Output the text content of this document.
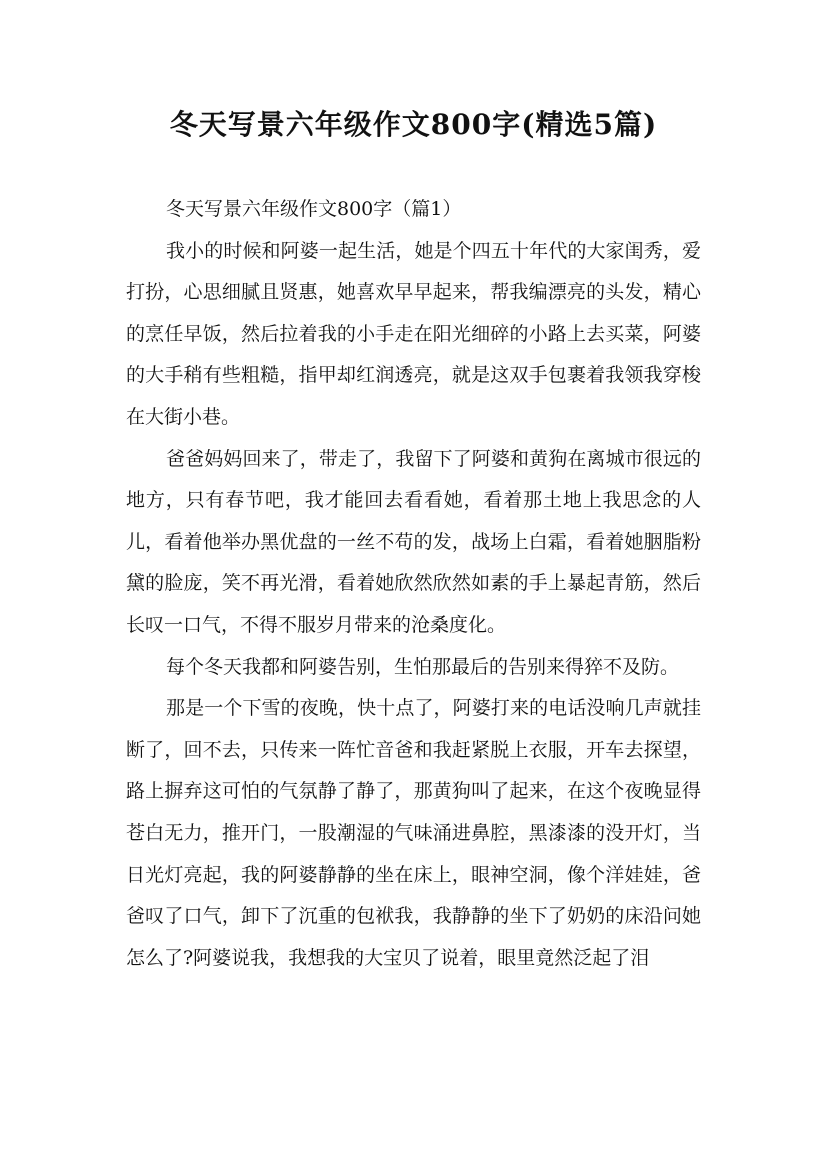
冬天写景六年级作文800字(精选5篇)
冬天写景六年级作文800字（篇1）

我小的时候和阿婆一起生活，她是个四五十年代的大家闺秀，爱打扮，心思细腻且贤惠，她喜欢早早起来，帮我编漂亮的头发，精心的烹任早饭，然后拉着我的小手走在阳光细碎的小路上去买菜，阿婆的大手稍有些粗糙，指甲却红润透亮，就是这双手包裹着我领我穿梭在大街小巷。

爸爸妈妈回来了，带走了，我留下了阿婆和黄狗在离城市很远的地方，只有春节吧，我才能回去看看她，看着那土地上我思念的人儿，看着他举办黑优盘的一丝不苟的发，战场上白霜，看着她胭脂粉黛的脸庞，笑不再光滑，看着她欣然欣然如素的手上暴起青筋，然后长叹一口气，不得不服岁月带来的沧桑度化。

每个冬天我都和阿婆告别，生怕那最后的告别来得猝不及防。

那是一个下雪的夜晚，快十点了，阿婆打来的电话没响几声就挂断了，回不去，只传来一阵忙音爸和我赶紧脱上衣服，开车去探望，路上摒弃这可怕的气氛静了静了，那黄狗叫了起来，在这个夜晚显得苍白无力，推开门，一股潮湿的气味涌进鼻腔，黑漆漆的没开灯，当日光灯亮起，我的阿婆静静的坐在床上，眼神空洞，像个洋娃娃，爸爸叹了口气，卸下了沉重的包袱我，我静静的坐下了奶奶的床沿问她怎么了?阿婆说我，我想我的大宝贝了说着，眼里竟然泛起了泪
